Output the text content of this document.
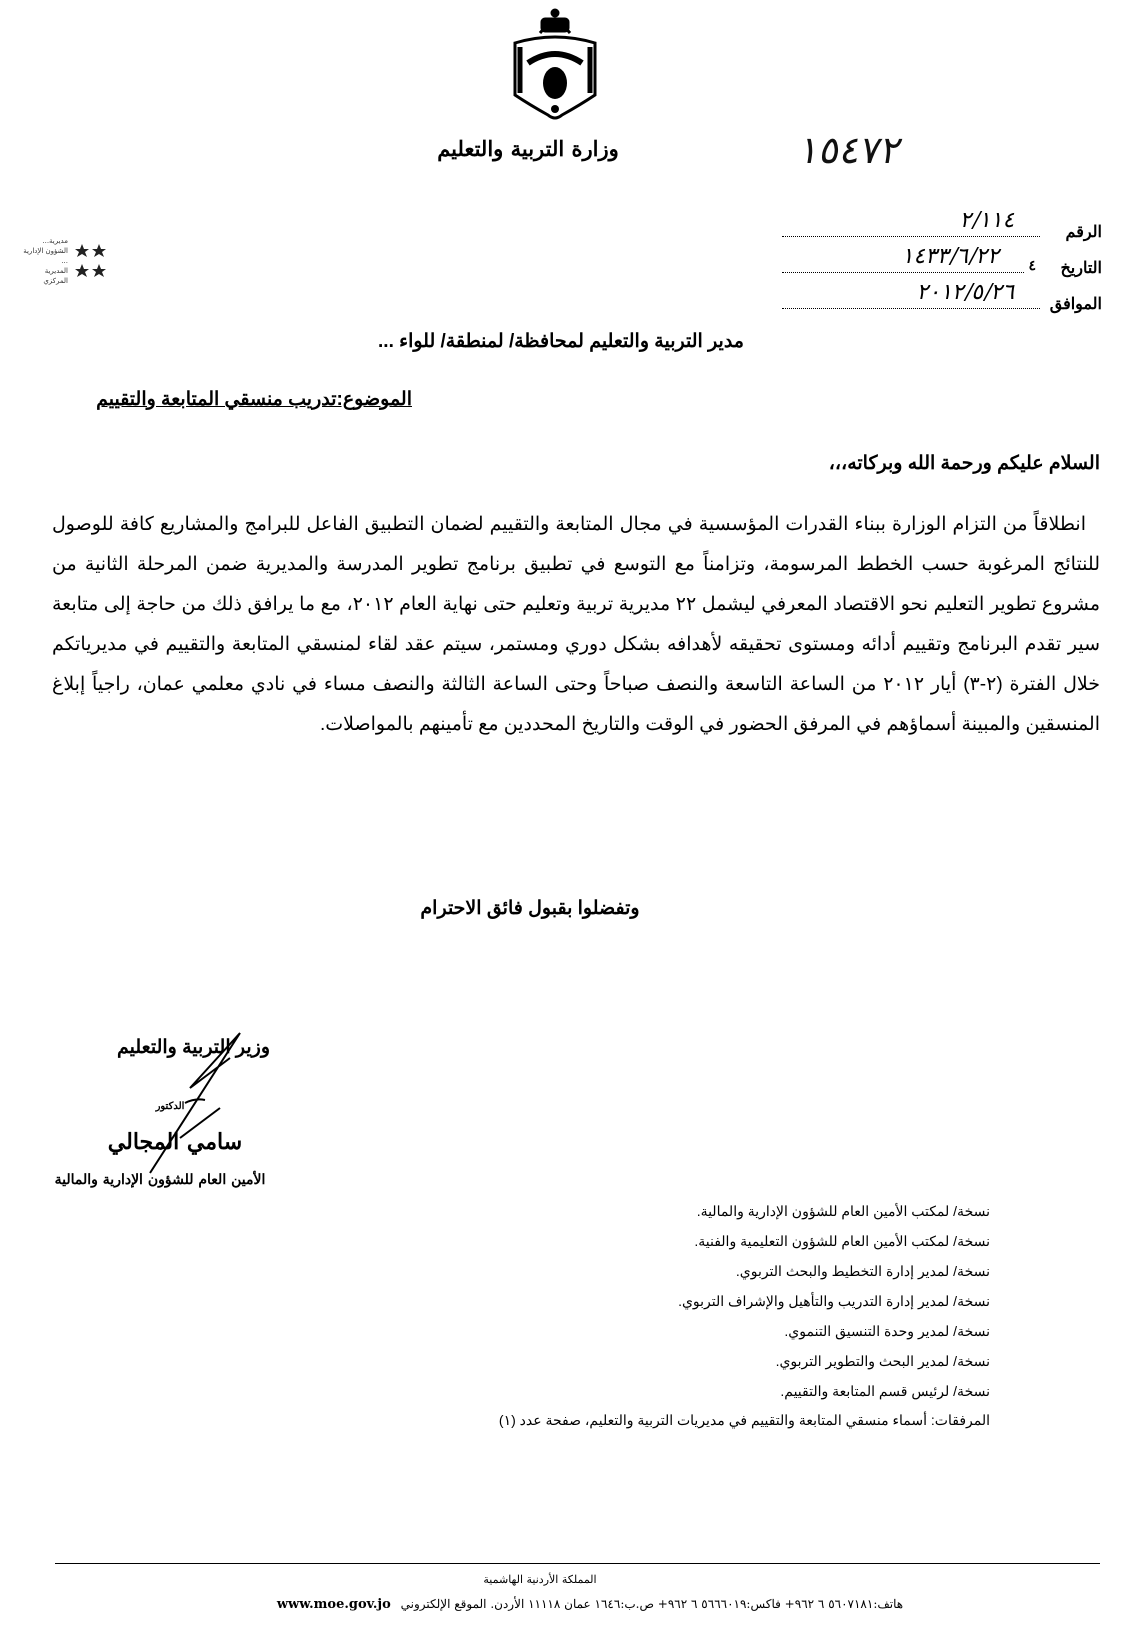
وزارة التربية والتعليم	١٥٤٧٢
الرقم
٢/١١٤
التاريخ
٤
١٤٣٣/٦/٢٢
الموافق
٢٠١٢/٥/٢٦
مديرية...
الشؤون الإدارية
...
المديرية
المركزي
مدير التربية والتعليم لمحافظة/ لمنطقة/ للواء ...
الموضوع:تدريب منسقي المتابعة والتقييم
السلام عليكم ورحمة الله وبركاته،،،
انطلاقاً من التزام الوزارة ببناء القدرات المؤسسية في مجال المتابعة والتقييم لضمان التطبيق الفاعل للبرامج والمشاريع كافة للوصول للنتائج المرغوبة حسب الخطط المرسومة، وتزامناً مع التوسع في تطبيق برنامج تطوير المدرسة والمديرية ضمن المرحلة الثانية من مشروع تطوير التعليم نحو الاقتصاد المعرفي ليشمل ٢٢ مديرية تربية وتعليم حتى نهاية العام ٢٠١٢، مع ما يرافق ذلك من حاجة إلى متابعة سير تقدم البرنامج وتقييم أدائه ومستوى تحقيقه لأهدافه بشكل دوري ومستمر، سيتم عقد لقاء لمنسقي المتابعة والتقييم في مديرياتكم خلال الفترة (٢-٣) أيار ٢٠١٢ من الساعة التاسعة والنصف صباحاً وحتى الساعة الثالثة والنصف مساء في نادي معلمي عمان، راجياً إبلاغ المنسقين والمبينة أسماؤهم في المرفق الحضور في الوقت والتاريخ المحددين مع تأمينهم بالمواصلات.
وتفضلوا بقبول فائق الاحترام
وزير التربية والتعليم
الدكتور
سامي المجالي
الأمين العام للشؤون الإدارية والمالية
نسخة/ لمكتب الأمين العام للشؤون الإدارية والمالية.
نسخة/ لمكتب الأمين العام للشؤون التعليمية والفنية.
نسخة/ لمدير إدارة التخطيط والبحث التربوي.
نسخة/ لمدير إدارة التدريب والتأهيل والإشراف التربوي.
نسخة/ لمدير وحدة التنسيق التنموي.
نسخة/ لمدير البحث والتطوير التربوي.
نسخة/ لرئيس قسم المتابعة والتقييم.
المرفقات: أسماء منسقي المتابعة والتقييم في مديريات التربية والتعليم، صفحة عدد (١)
المملكة الأردنية الهاشمية
هاتف:٥٦٠٧١٨١ ٦ ٩٦٢+ فاكس:٥٦٦٦٠١٩ ٦ ٩٦٢+ ص.ب:١٦٤٦ عمان ١١١١٨ الأردن. الموقع الإلكتروني www.moe.gov.jo
